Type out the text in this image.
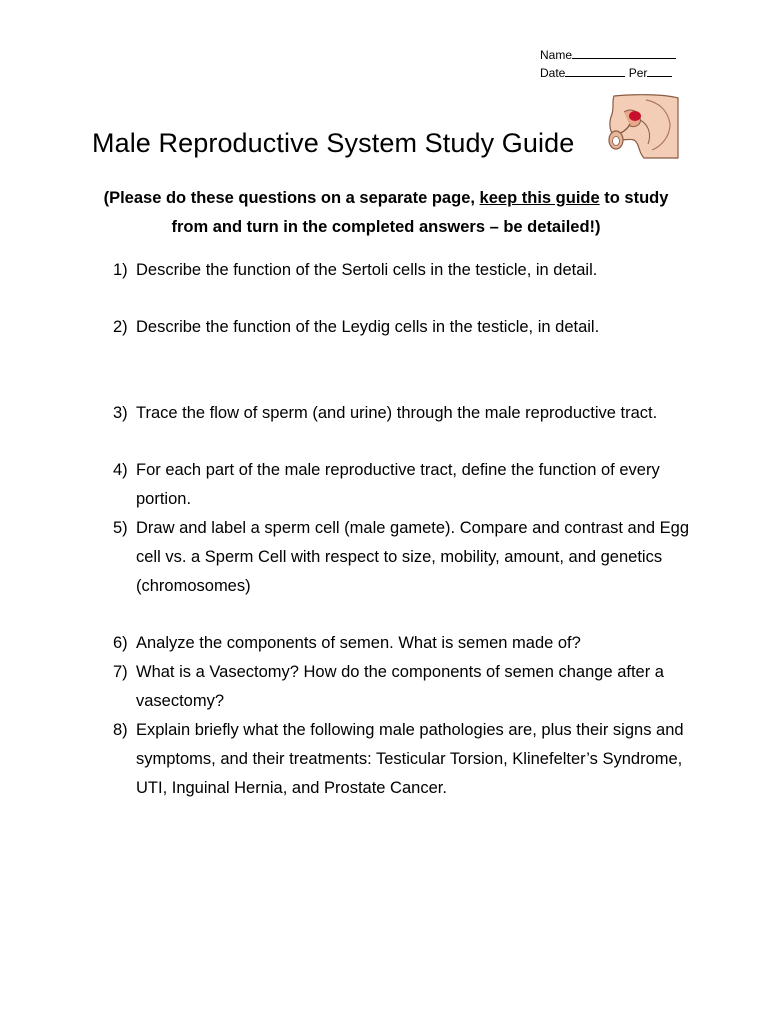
Name
Date	Per
Male Reproductive System Study Guide
(Please do these questions on a separate page, keep this guide to study from and turn in the completed answers – be detailed!)
1) Describe the function of the Sertoli cells in the testicle, in detail.
2) Describe the function of the Leydig cells in the testicle, in detail.
3) Trace the flow of sperm (and urine) through the male reproductive tract.
4) For each part of the male reproductive tract, define the function of every portion.
5) Draw and label a sperm cell (male gamete). Compare and contrast and Egg cell vs. a Sperm Cell with respect to size, mobility, amount, and genetics (chromosomes)
6) Analyze the components of semen. What is semen made of?
7) What is a Vasectomy? How do the components of semen change after a vasectomy?
8) Explain briefly what the following male pathologies are, plus their signs and symptoms, and their treatments: Testicular Torsion, Klinefelter’s Syndrome, UTI, Inguinal Hernia, and Prostate Cancer.
